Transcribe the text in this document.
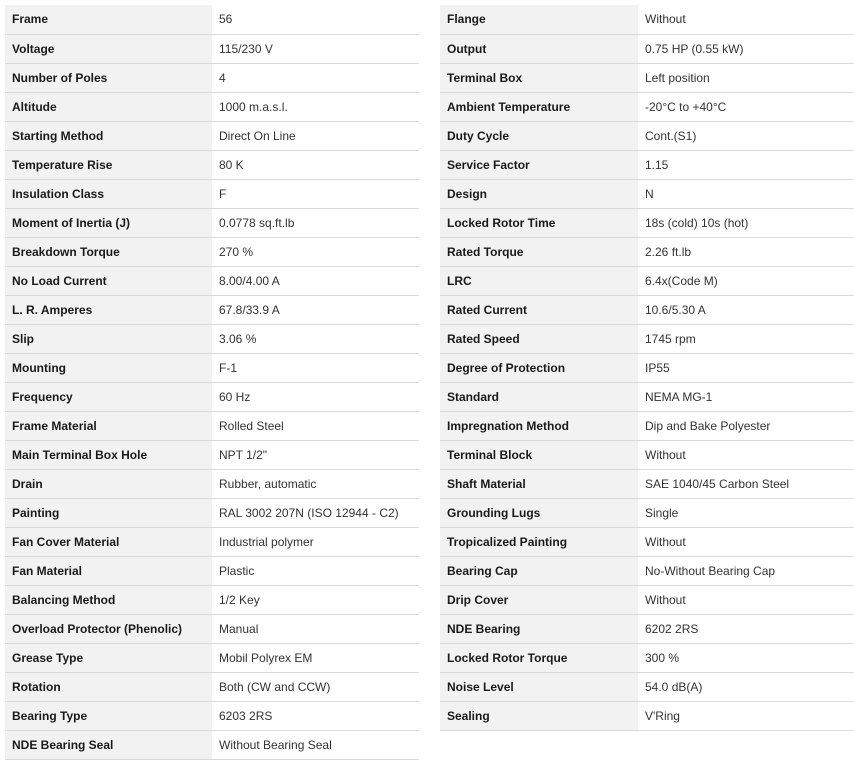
Frame	56
Voltage	115/230 V
Number of Poles	4
Altitude	1000 m.a.s.l.
Starting Method	Direct On Line
Temperature Rise	80 K
Insulation Class	F
Moment of Inertia (J)	0.0778 sq.ft.lb
Breakdown Torque	270 %
No Load Current	8.00/4.00 A
L. R. Amperes	67.8/33.9 A
Slip	3.06 %
Mounting	F-1
Frequency	60 Hz
Frame Material	Rolled Steel
Main Terminal Box Hole	NPT 1/2"
Drain	Rubber, automatic
Painting	RAL 3002 207N (ISO 12944 - C2)
Fan Cover Material	Industrial polymer
Fan Material	Plastic
Balancing Method	1/2 Key
Overload Protector (Phenolic)	Manual
Grease Type	Mobil Polyrex EM
Rotation	Both (CW and CCW)
Bearing Type	6203 2RS
NDE Bearing Seal	Without Bearing Seal
Flange	Without
Output	0.75 HP (0.55 kW)
Terminal Box	Left position
Ambient Temperature	-20°C to +40°C
Duty Cycle	Cont.(S1)
Service Factor	1.15
Design	N
Locked Rotor Time	18s (cold) 10s (hot)
Rated Torque	2.26 ft.lb
LRC	6.4x(Code M)
Rated Current	10.6/5.30 A
Rated Speed	1745 rpm
Degree of Protection	IP55
Standard	NEMA MG-1
Impregnation Method	Dip and Bake Polyester
Terminal Block	Without
Shaft Material	SAE 1040/45 Carbon Steel
Grounding Lugs	Single
Tropicalized Painting	Without
Bearing Cap	No-Without Bearing Cap
Drip Cover	Without
NDE Bearing	6202 2RS
Locked Rotor Torque	300 %
Noise Level	54.0 dB(A)
Sealing	V'Ring
